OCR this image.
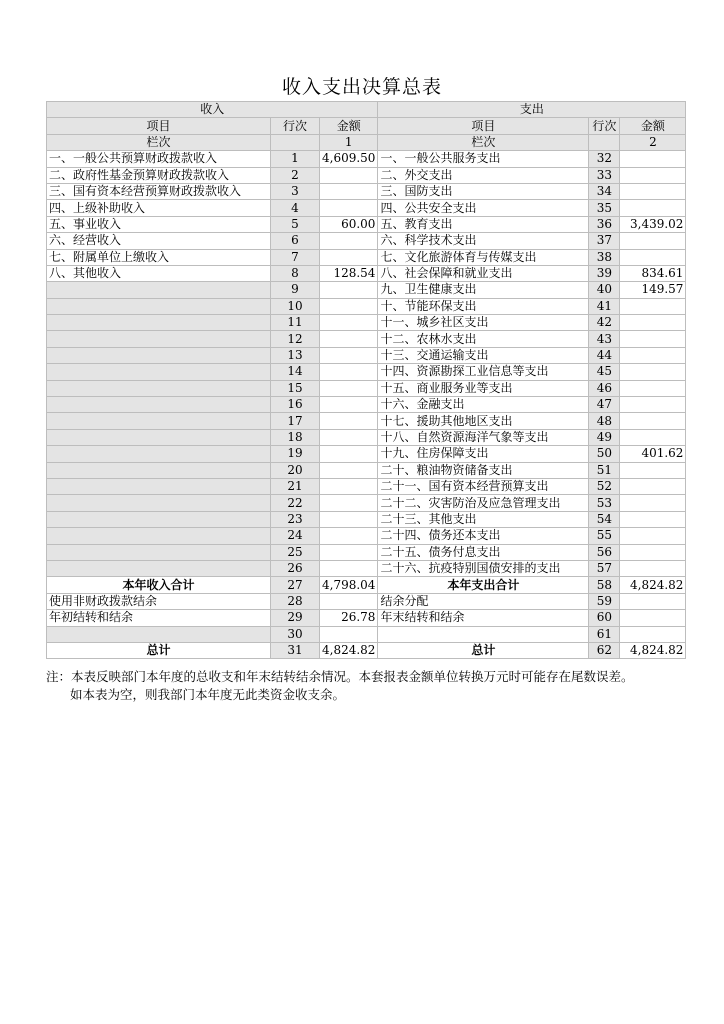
收入支出决算总表
收入			支出		
项目	行次	金额	项目	行次	金额
栏次		1	栏次		2
一、一般公共预算财政拨款收入	1	4,609.50	一、一般公共服务支出	32	
二、政府性基金预算财政拨款收入	2		二、外交支出	33	
三、国有资本经营预算财政拨款收入	3		三、国防支出	34	
四、上级补助收入	4		四、公共安全支出	35	
五、事业收入	5	60.00	五、教育支出	36	3,439.02
六、经营收入	6		六、科学技术支出	37	
七、附属单位上缴收入	7		七、文化旅游体育与传媒支出	38	
八、其他收入	8	128.54	八、社会保障和就业支出	39	834.61
	9		九、卫生健康支出	40	149.57
	10		十、节能环保支出	41	
	11		十一、城乡社区支出	42	
	12		十二、农林水支出	43	
	13		十三、交通运输支出	44	
	14		十四、资源勘探工业信息等支出	45	
	15		十五、商业服务业等支出	46	
	16		十六、金融支出	47	
	17		十七、援助其他地区支出	48	
	18		十八、自然资源海洋气象等支出	49	
	19		十九、住房保障支出	50	401.62
	20		二十、粮油物资储备支出	51	
	21		二十一、国有资本经营预算支出	52	
	22		二十二、灾害防治及应急管理支出	53	
	23		二十三、其他支出	54	
	24		二十四、债务还本支出	55	
	25		二十五、债务付息支出	56	
	26		二十六、抗疫特别国债安排的支出	57	
本年收入合计	27	4,798.04	本年支出合计	58	4,824.82
使用非财政拨款结余	28		结余分配	59	
年初结转和结余	29	26.78	年末结转和结余	60	
	30			61	
总计	31	4,824.82	总计	62	4,824.82
注：本表反映部门本年度的总收支和年末结转结余情况。本套报表金额单位转换万元时可能存在尾数误差。
如本表为空，则我部门本年度无此类资金收支余。
